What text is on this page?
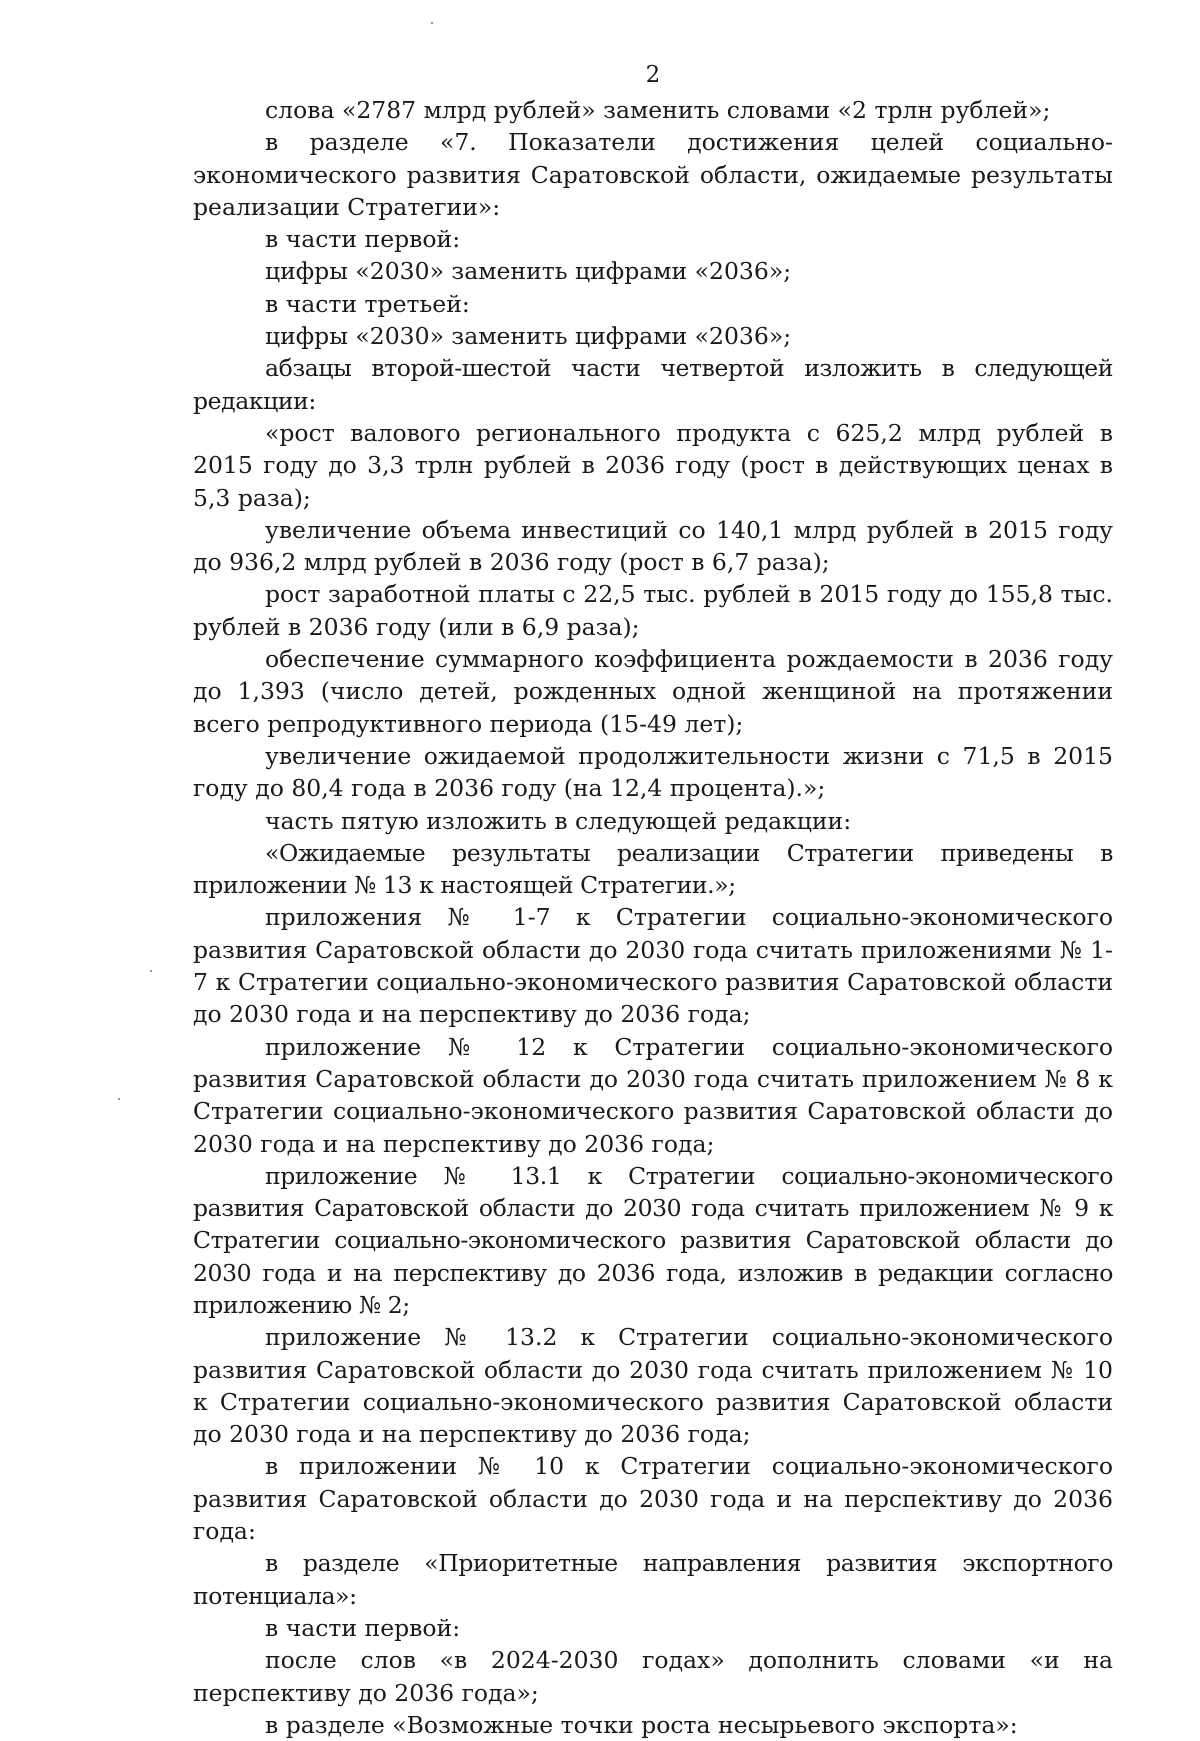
2

слова «2787 млрд рублей» заменить словами «2 трлн рублей»;

в разделе «7. Показатели достижения целей социально-экономического развития Саратовской области, ожидаемые результаты реализации Стратегии»:

в части первой:

цифры «2030» заменить цифрами «2036»;

в части третьей:

цифры «2030» заменить цифрами «2036»;

абзацы второй-шестой части четвертой изложить в следующей редакции:

«рост валового регионального продукта с 625,2 млрд рублей в 2015 году до 3,3 трлн рублей в 2036 году (рост в действующих ценах в 5,3 раза);

увеличение объема инвестиций со 140,1 млрд рублей в 2015 году до 936,2 млрд рублей в 2036 году (рост в 6,7 раза);

рост заработной платы с 22,5 тыс. рублей в 2015 году до 155,8 тыс. рублей в 2036 году (или в 6,9 раза);

обеспечение суммарного коэффициента рождаемости в 2036 году до 1,393 (число детей, рожденных одной женщиной на протяжении всего репродуктивного периода (15-49 лет);

увеличение ожидаемой продолжительности жизни с 71,5 в 2015 году до 80,4 года в 2036 году (на 12,4 процента).»;

часть пятую изложить в следующей редакции:

«Ожидаемые результаты реализации Стратегии приведены в приложении № 13 к настоящей Стратегии.»;

приложения № 1-7 к Стратегии социально-экономического развития Саратовской области до 2030 года считать приложениями № 1-7 к Стратегии социально-экономического развития Саратовской области до 2030 года и на перспективу до 2036 года;

приложение № 12 к Стратегии социально-экономического развития Саратовской области до 2030 года считать приложением № 8 к Стратегии социально-экономического развития Саратовской области до 2030 года и на перспективу до 2036 года;

приложение № 13.1 к Стратегии социально-экономического развития Саратовской области до 2030 года считать приложением № 9 к Стратегии социально-экономического развития Саратовской области до 2030 года и на перспективу до 2036 года, изложив в редакции согласно приложению № 2;

приложение № 13.2 к Стратегии социально-экономического развития Саратовской области до 2030 года считать приложением № 10 к Стратегии социально-экономического развития Саратовской области до 2030 года и на перспективу до 2036 года;

в приложении № 10 к Стратегии социально-экономического развития Саратовской области до 2030 года и на перспективу до 2036 года:

в разделе «Приоритетные направления развития экспортного потенциала»:

в части первой:

после слов «в 2024-2030 годах» дополнить словами «и на перспективу до 2036 года»;

в разделе «Возможные точки роста несырьевого экспорта»:
